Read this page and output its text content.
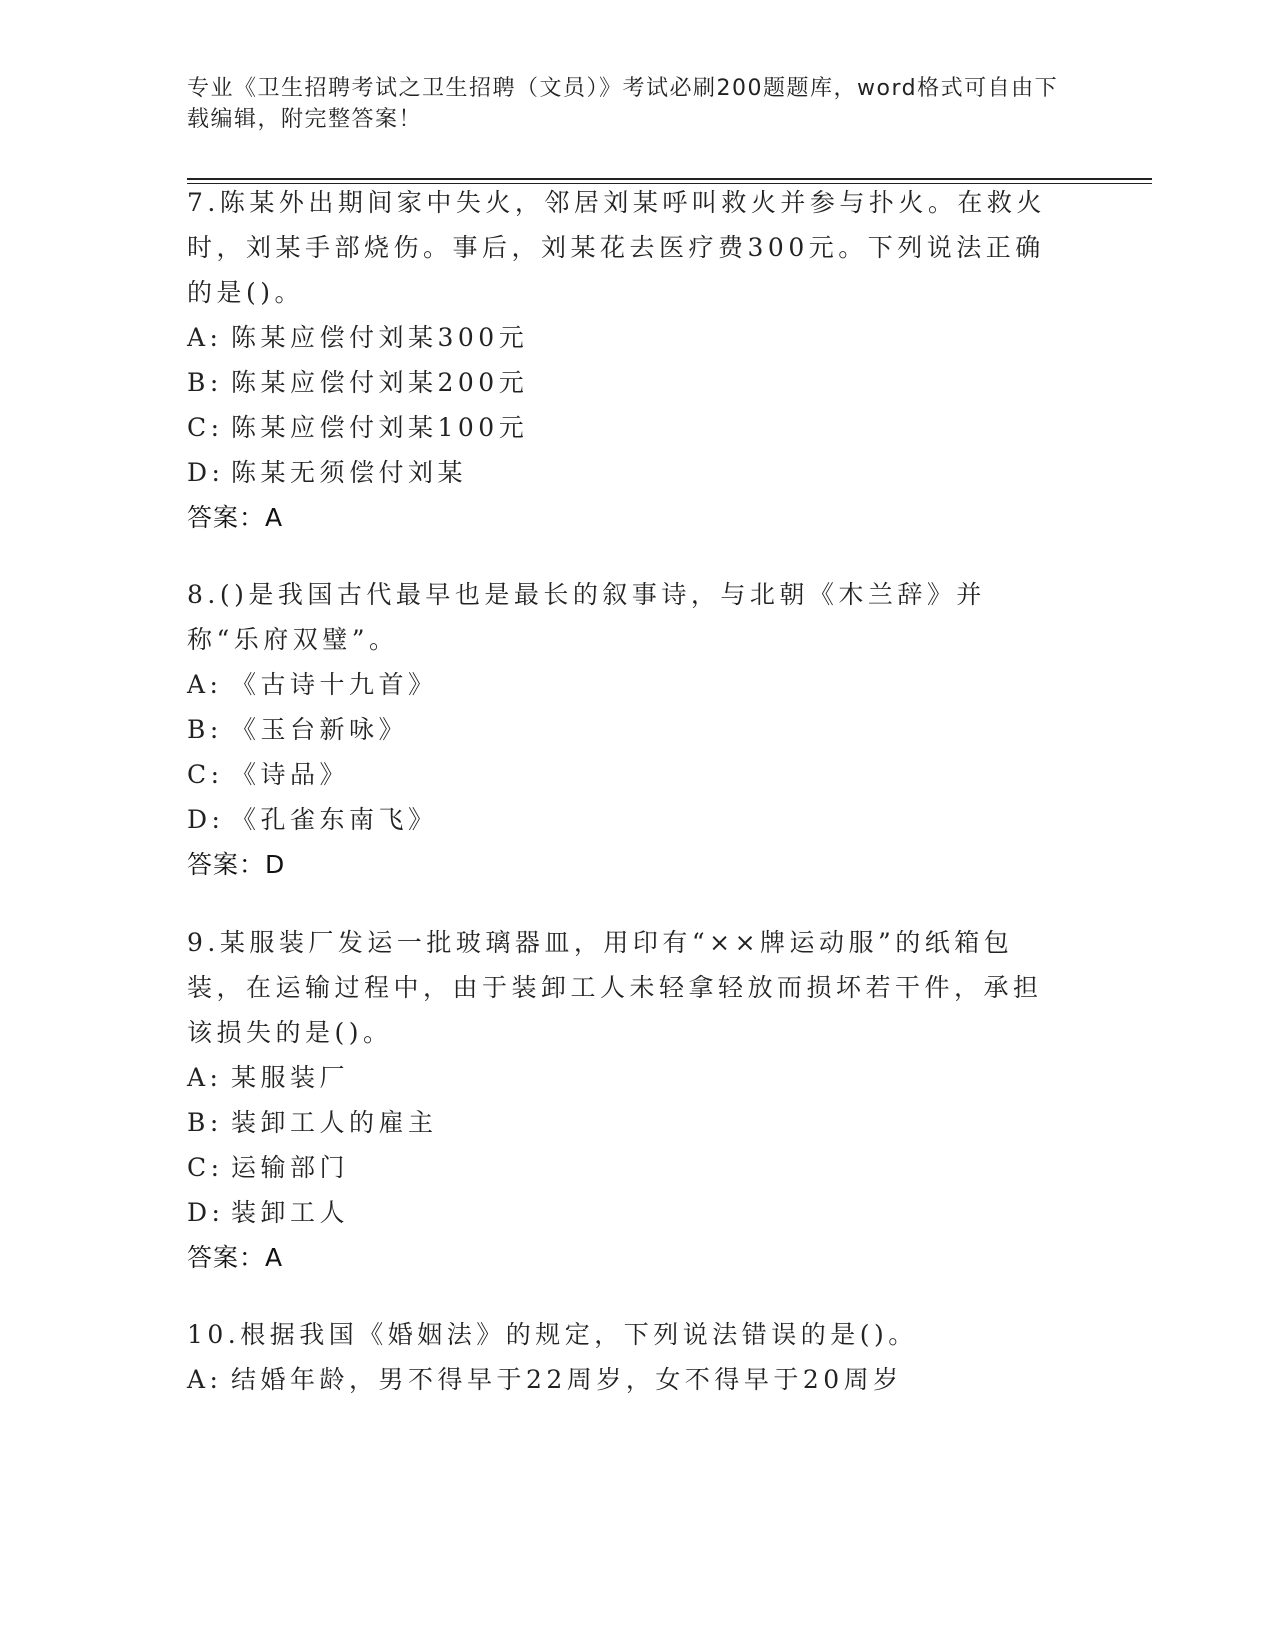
专业《卫生招聘考试之卫生招聘（文员）》考试必刷200题题库，word格式可自由下载编辑，附完整答案！

7.陈某外出期间家中失火，邻居刘某呼叫救火并参与扑火。在救火时，刘某手部烧伤。事后，刘某花去医疗费300元。下列说法正确的是()。

A: 陈某应偿付刘某300元

B: 陈某应偿付刘某200元

C: 陈某应偿付刘某100元

D: 陈某无须偿付刘某

答案：A

8.()是我国古代最早也是最长的叙事诗，与北朝《木兰辞》并称“乐府双璧”。

A: 《古诗十九首》

B: 《玉台新咏》

C: 《诗品》

D: 《孔雀东南飞》

答案：D

9.某服装厂发运一批玻璃器皿，用印有“××牌运动服”的纸箱包装，在运输过程中，由于装卸工人未轻拿轻放而损坏若干件，承担该损失的是()。

A: 某服装厂

B: 装卸工人的雇主

C: 运输部门

D: 装卸工人

答案：A

10.根据我国《婚姻法》的规定，下列说法错误的是()。

A: 结婚年龄，男不得早于22周岁，女不得早于20周岁
